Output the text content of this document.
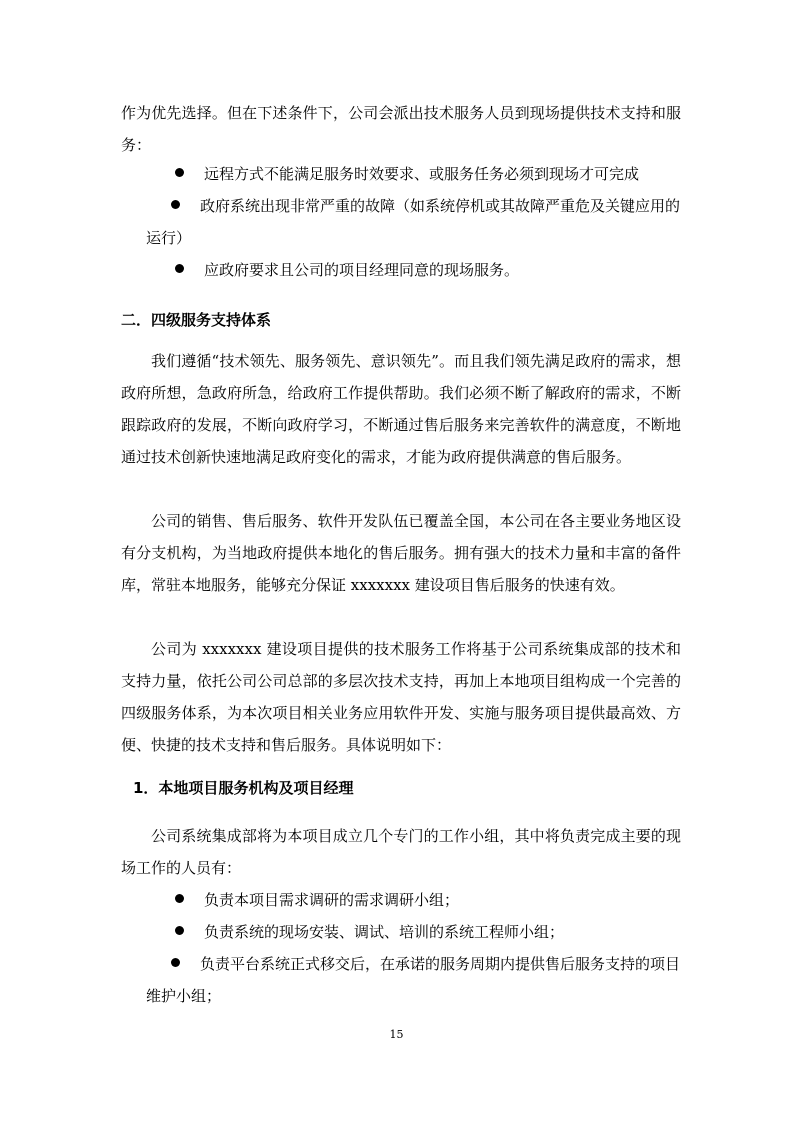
作为优先选择。但在下述条件下，公司会派出技术服务人员到现场提供技术支持和服务：

远程方式不能满足服务时效要求、或服务任务必须到现场才可完成

政府系统出现非常严重的故障（如系统停机或其故障严重危及关键应用的运行）

应政府要求且公司的项目经理同意的现场服务。

二．四级服务支持体系

我们遵循“技术领先、服务领先、意识领先”。而且我们领先满足政府的需求，想政府所想，急政府所急，给政府工作提供帮助。我们必须不断了解政府的需求，不断跟踪政府的发展，不断向政府学习，不断通过售后服务来完善软件的满意度，不断地通过技术创新快速地满足政府变化的需求，才能为政府提供满意的售后服务。

公司的销售、售后服务、软件开发队伍已覆盖全国，本公司在各主要业务地区设有分支机构，为当地政府提供本地化的售后服务。拥有强大的技术力量和丰富的备件库，常驻本地服务，能够充分保证 xxxxxxx 建设项目售后服务的快速有效。

公司为 xxxxxxx 建设项目提供的技术服务工作将基于公司系统集成部的技术和支持力量，依托公司公司总部的多层次技术支持，再加上本地项目组构成一个完善的四级服务体系，为本次项目相关业务应用软件开发、实施与服务项目提供最高效、方便、快捷的技术支持和售后服务。具体说明如下：

1．本地项目服务机构及项目经理

公司系统集成部将为本项目成立几个专门的工作小组，其中将负责完成主要的现场工作的人员有：

负责本项目需求调研的需求调研小组；

负责系统的现场安装、调试、培训的系统工程师小组；

负责平台系统正式移交后，在承诺的服务周期内提供售后服务支持的项目维护小组；

15
